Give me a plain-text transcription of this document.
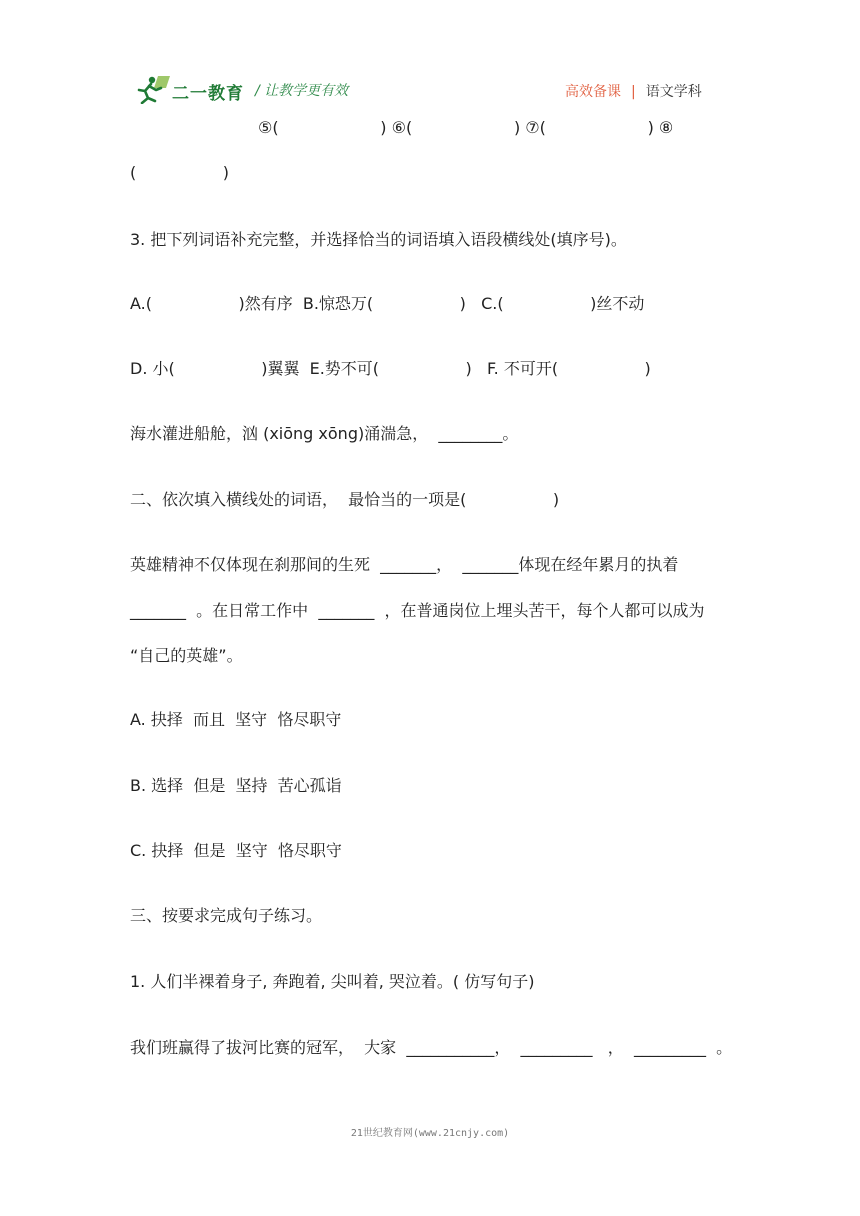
二一教育 / 让教学更有效	高效备课 | 语文学科
⑤(                    ) ⑥(                    ) ⑦(                    ) ⑧
(                 )
3. 把下列词语补充完整，并选择恰当的词语填入语段横线处(填序号)。
A.(                 )然有序  B.惊恐万(                 )   C.(                 )丝不动
D. 小(                 )翼翼  E.势不可(                 )   F. 不可开(                 )
海水灌进船舱，汹 (xiōng xōng)涌湍急，  ________。
二、依次填入横线处的词语，  最恰当的一项是(                 )
英雄精神不仅体现在刹那间的生死  _______，  _______体现在经年累月的执着
_______  。在日常工作中  _______  ，在普通岗位上埋头苦干，每个人都可以成为
“自己的英雄”。
A. 抉择  而且  坚守  恪尽职守
B. 选择  但是  坚持  苦心孤诣
C. 抉择  但是  坚守  恪尽职守
三、按要求完成句子练习。
1. 人们半裸着身子, 奔跑着, 尖叫着, 哭泣着。( 仿写句子)
我们班赢得了拔河比赛的冠军，  大家  ___________，  _________   ，  _________  。
21世纪教育网(www.21cnjy.com)
